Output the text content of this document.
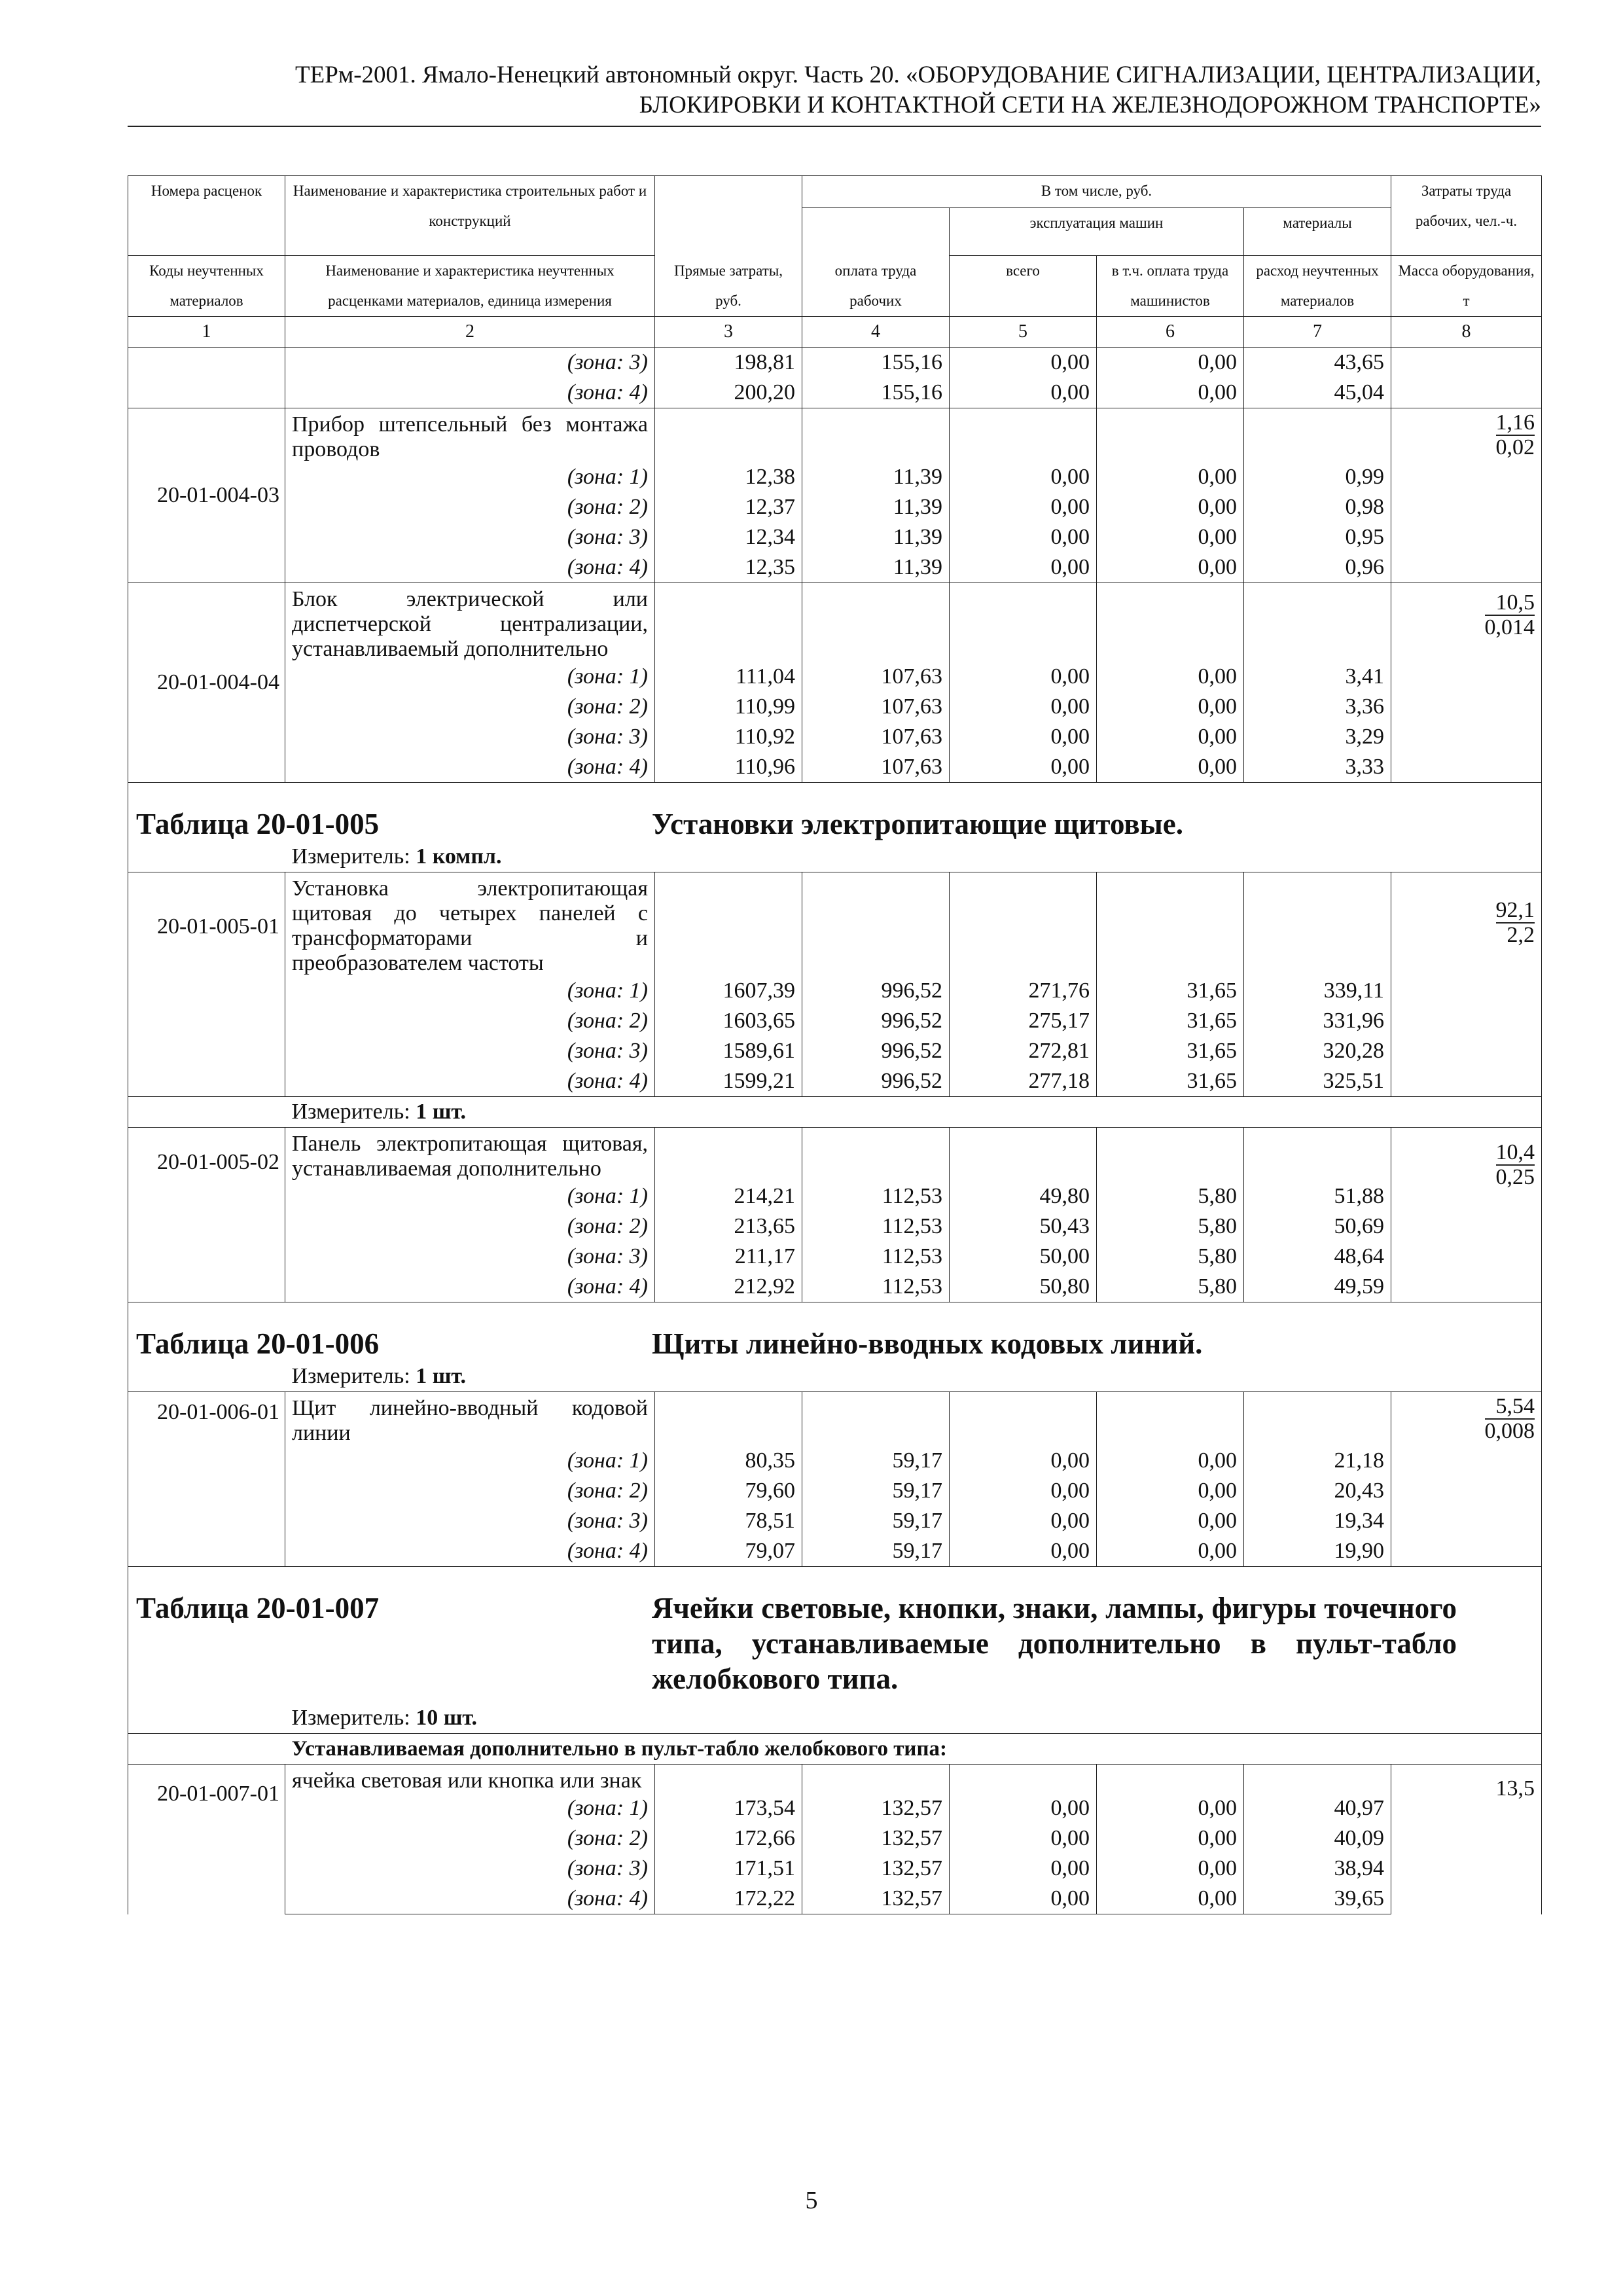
ТЕРм-2001. Ямало-Ненецкий автономный округ. Часть 20. «ОБОРУДОВАНИЕ СИГНАЛИЗАЦИИ, ЦЕНТРАЛИЗАЦИИ,
БЛОКИРОВКИ И КОНТАКТНОЙ СЕТИ НА ЖЕЛЕЗНОДОРОЖНОМ ТРАНСПОРТЕ»
Номера расценок	Наименование и характеристика строительных работ и конструкций	Прямые затраты, руб.	В том числе, руб.				Затраты труда рабочих, чел.-ч.
			оплата труда рабочих	эксплуатация машин		материалы	
Коды неучтенных материалов	Наименование и характеристика неучтенных расценками материалов, единица измерения			всего	в т.ч. оплата труда машинистов	расход неучтенных материалов	Масса оборудования, т
1	2	3	4	5	6	7	8
	(зона: 3)	198,81	155,16	0,00	0,00	43,65	
	(зона: 4)	200,20	155,16	0,00	0,00	45,04	
20-01-004-03	Прибор штепсельный без монтажа проводов						$\frac{1,16}{0,02}$

	(зона: 1)	12,38	11,39	0,00	0,00	0,99	
	(зона: 2)	12,37	11,39	0,00	0,00	0,98	
	(зона: 3)	12,34	11,39	0,00	0,00	0,95	
	(зона: 4)	12,35	11,39	0,00	0,00	0,96	
20-01-004-04	Блок электрической или диспетчерской централизации, устанавливаемый дополнительно						$\frac{10,5}{0,014}$

	(зона: 1)	111,04	107,63	0,00	0,00	3,41	
	(зона: 2)	110,99	107,63	0,00	0,00	3,36	
	(зона: 3)	110,92	107,63	0,00	0,00	3,29	
	(зона: 4)	110,96	107,63	0,00	0,00	3,33	

Таблица 20-01-005 Установки электропитающие щитовые.							

	Измеритель: 1 компл.						
20-01-005-01	Установка электропитающая щитовая до четырех панелей с трансформаторами и преобразователем частоты						$\frac{92,1}{2,2}$

	(зона: 1)	1607,39	996,52	271,76	31,65	339,11	
	(зона: 2)	1603,65	996,52	275,17	31,65	331,96	
	(зона: 3)	1589,61	996,52	272,81	31,65	320,28	
	(зона: 4)	1599,21	996,52	277,18	31,65	325,51	
	Измеритель: 1 шт.						
20-01-005-02	Панель электропитающая щитовая, устанавливаемая дополнительно						$\frac{10,4}{0,25}$

	(зона: 1)	214,21	112,53	49,80	5,80	51,88	
	(зона: 2)	213,65	112,53	50,43	5,80	50,69	
	(зона: 3)	211,17	112,53	50,00	5,80	48,64	
	(зона: 4)	212,92	112,53	50,80	5,80	49,59	

Таблица 20-01-006 Щиты линейно-вводных кодовых линий.							

	Измеритель: 1 шт.						
20-01-006-01	Щит линейно-вводный кодовой линии						$\frac{5,54}{0,008}$

	(зона: 1)	80,35	59,17	0,00	0,00	21,18	
	(зона: 2)	79,60	59,17	0,00	0,00	20,43	
	(зона: 3)	78,51	59,17	0,00	0,00	19,34	
	(зона: 4)	79,07	59,17	0,00	0,00	19,90	

Таблица 20-01-007 Ячейки световые, кнопки, знаки, лампы, фигуры точечного типа, устанавливаемые дополнительно в пульт-табло желобкового типа.							

	Измеритель: 10 шт.						
	Устанавливаемая дополнительно в пульт-табло желобкового типа:						
20-01-007-01	ячейка световая или кнопка или знак						13,5
	(зона: 1)	173,54	132,57	0,00	0,00	40,97	
	(зона: 2)	172,66	132,57	0,00	0,00	40,09	
	(зона: 3)	171,51	132,57	0,00	0,00	38,94	
	(зона: 4)	172,22	132,57	0,00	0,00	39,65	
5
